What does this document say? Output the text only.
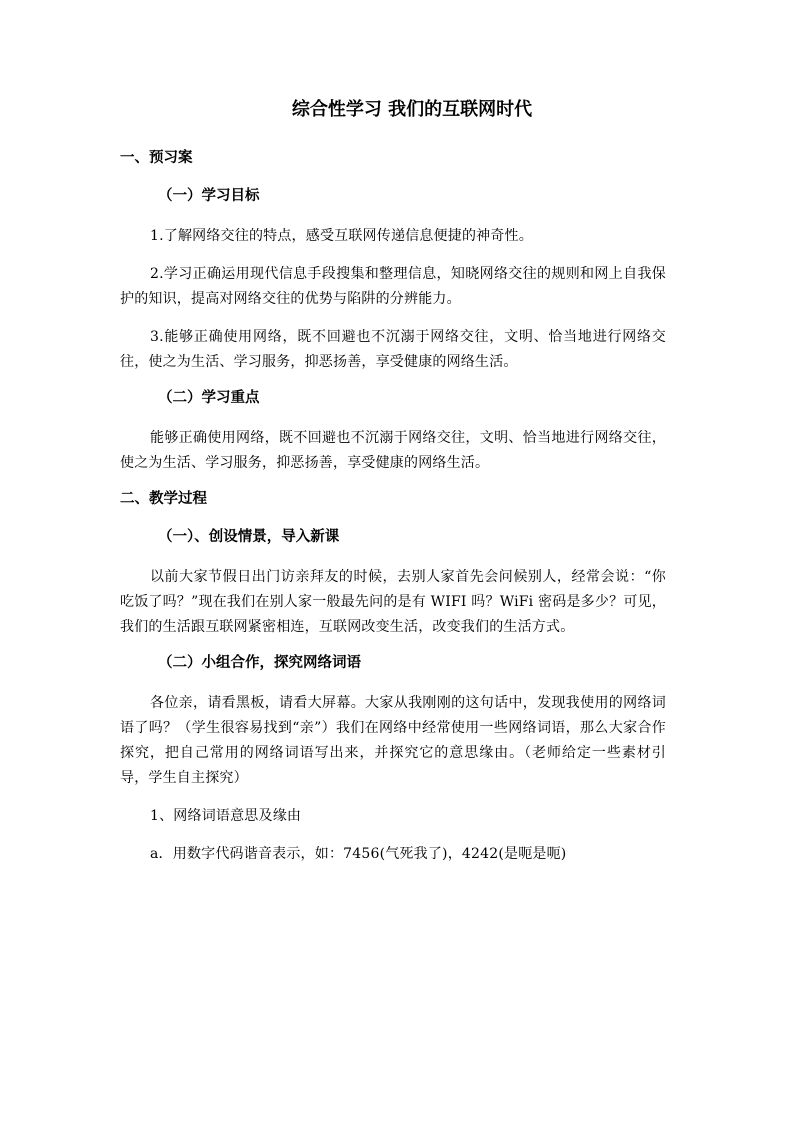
综合性学习 我们的互联网时代
一、预习案
（一）学习目标
1.了解网络交往的特点，感受互联网传递信息便捷的神奇性。
2.学习正确运用现代信息手段搜集和整理信息，知晓网络交往的规则和网上自我保护的知识，提高对网络交往的优势与陷阱的分辨能力。
3.能够正确使用网络，既不回避也不沉溺于网络交往，文明、恰当地进行网络交往，使之为生活、学习服务，抑恶扬善，享受健康的网络生活。
（二）学习重点
能够正确使用网络，既不回避也不沉溺于网络交往，文明、恰当地进行网络交往，使之为生活、学习服务，抑恶扬善，享受健康的网络生活。
二、教学过程
（一）、创设情景，导入新课
以前大家节假日出门访亲拜友的时候，去别人家首先会问候别人，经常会说：“你吃饭了吗？”现在我们在别人家一般最先问的是有 WIFI 吗？WiFi 密码是多少？可见，我们的生活跟互联网紧密相连，互联网改变生活，改变我们的生活方式。
（二）小组合作，探究网络词语
各位亲，请看黑板，请看大屏幕。大家从我刚刚的这句话中，发现我使用的网络词语了吗？（学生很容易找到“亲”）我们在网络中经常使用一些网络词语，那么大家合作探究，把自己常用的网络词语写出来，并探究它的意思缘由。（老师给定一些素材引导，学生自主探究）
1、网络词语意思及缘由
a．用数字代码谐音表示，如：7456(气死我了)，4242(是呃是呃)
